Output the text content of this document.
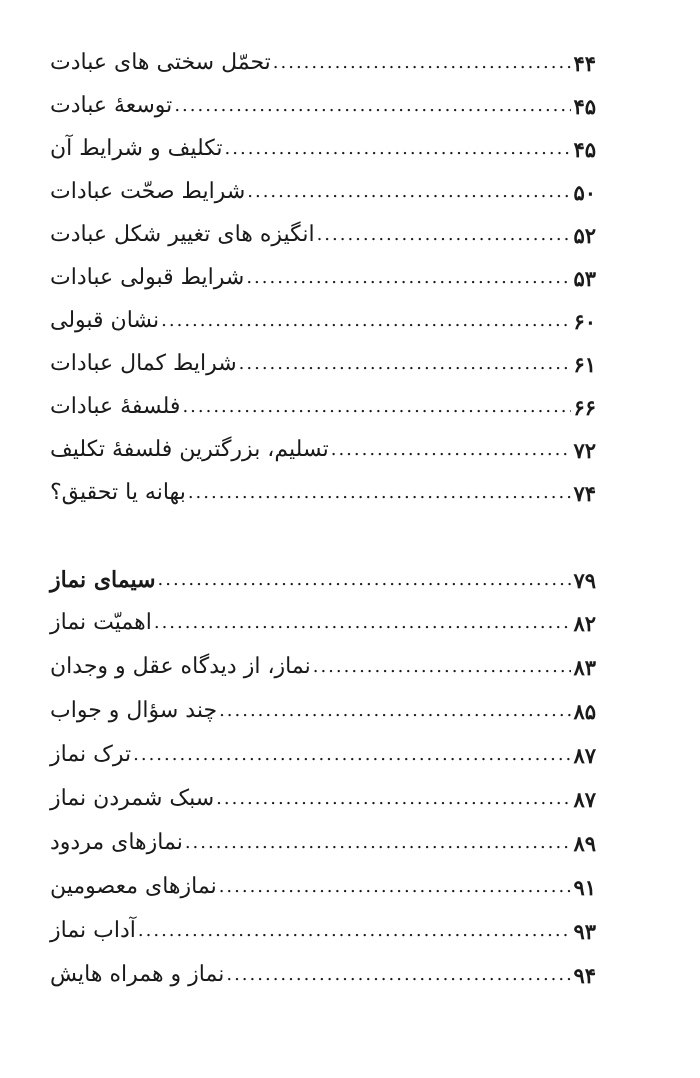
تحمّل سختی های عبادت .....	۴۴
توسعۀ عبادت .....	۴۵
تکلیف و شرایط آن .....	۴۵
شرایط صحّت عبادات .....	۵۰
انگیزه های تغییر شکل عبادت .....	۵۲
شرایط قبولی عبادات .....	۵۳
نشان قبولی .....	۶۰
شرایط کمال عبادات .....	۶۱
فلسفۀ عبادات .....	۶۶
تسلیم، بزرگترین فلسفۀ تکلیف .....	۷۲
بهانه یا تحقیق؟ .....	۷۴
سیمای نماز .....	۷۹
اهمیّت نماز .....	۸۲
نماز، از دیدگاه عقل و وجدان .....	۸۳
چند سؤال و جواب .....	۸۵
ترک نماز .....	۸۷
سبک شمردن نماز .....	۸۷
نمازهای مردود .....	۸۹
نمازهای معصومین .....	۹۱
آداب نماز .....	۹۳
نماز و همراه هایش .....	۹۴
